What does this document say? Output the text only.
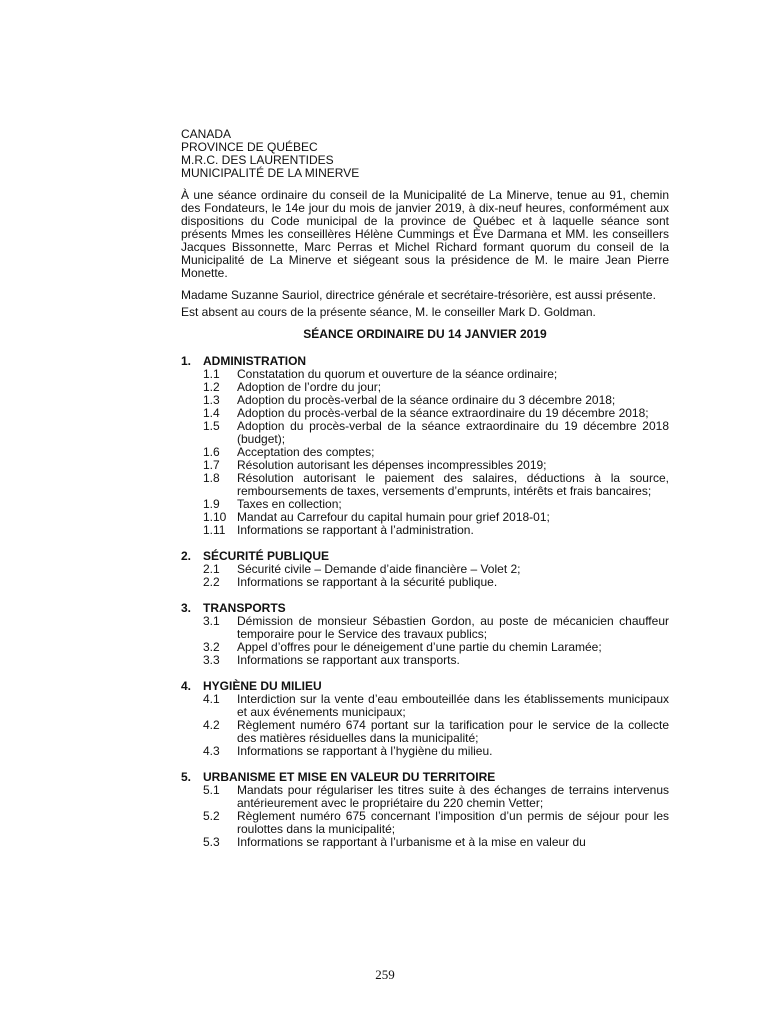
CANADA
PROVINCE DE QUÉBEC
M.R.C. DES LAURENTIDES
MUNICIPALITÉ DE LA MINERVE

À une séance ordinaire du conseil de la Municipalité de La Minerve, tenue au 91, chemin des Fondateurs, le 14e jour du mois de janvier 2019, à dix-neuf heures, conformément aux dispositions du Code municipal de la province de Québec et à laquelle séance sont présents Mmes les conseillères Hélène Cummings et Ève Darmana et MM. les conseillers Jacques Bissonnette, Marc Perras et Michel Richard formant quorum du conseil de la Municipalité de La Minerve et siégeant sous la présidence de M. le maire Jean Pierre Monette.

Madame Suzanne Sauriol, directrice générale et secrétaire-trésorière, est aussi présente.

Est absent au cours de la présente séance, M. le conseiller Mark D. Goldman.

SÉANCE ORDINAIRE DU 14 JANVIER 2019

1. ADMINISTRATION
1.1	Constatation du quorum et ouverture de la séance ordinaire;
1.2	Adoption de l’ordre du jour;
1.3	Adoption du procès-verbal de la séance ordinaire du 3 décembre 2018;
1.4	Adoption du procès-verbal de la séance extraordinaire du 19 décembre 2018;
1.5	Adoption du procès-verbal de la séance extraordinaire du 19 décembre 2018 (budget);
1.6	Acceptation des comptes;
1.7	Résolution autorisant les dépenses incompressibles 2019;
1.8	Résolution autorisant le paiement des salaires, déductions à la source, remboursements de taxes, versements d’emprunts, intérêts et frais bancaires;
1.9	Taxes en collection;
1.10 Mandat au Carrefour du capital humain pour grief 2018-01;
1.11 Informations se rapportant à l’administration.
2. SÉCURITÉ PUBLIQUE
2.1	Sécurité civile – Demande d’aide financière – Volet 2;
2.2	Informations se rapportant à la sécurité publique.
3. TRANSPORTS
3.1	Démission de monsieur Sébastien Gordon, au poste de mécanicien chauffeur temporaire pour le Service des travaux publics;
3.2	Appel d’offres pour le déneigement d’une partie du chemin Laramée;
3.3	Informations se rapportant aux transports.
4. HYGIÈNE DU MILIEU
4.1	Interdiction sur la vente d’eau embouteillée dans les établissements municipaux et aux événements municipaux;
4.2	Règlement numéro 674 portant sur la tarification pour le service de la collecte des matières résiduelles dans la municipalité;
4.3	Informations se rapportant à l’hygiène du milieu.
5. URBANISME ET MISE EN VALEUR DU TERRITOIRE
5.1	Mandats pour régulariser les titres suite à des échanges de terrains intervenus antérieurement avec le propriétaire du 220 chemin Vetter;
5.2	Règlement numéro 675 concernant l’imposition d’un permis de séjour pour les roulottes dans la municipalité;
5.3	Informations se rapportant à l’urbanisme et à la mise en valeur du
259
